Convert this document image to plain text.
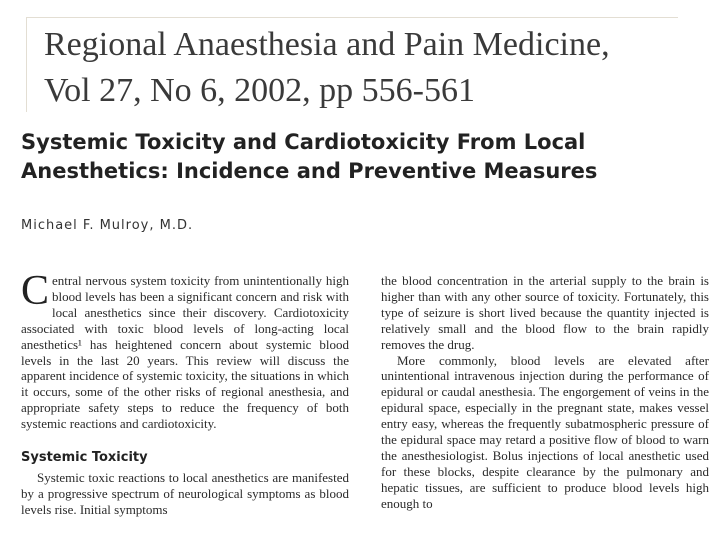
Regional Anaesthesia and Pain Medicine,
Vol 27, No 6, 2002, pp 556-561
Systemic Toxicity and Cardiotoxicity From Local
Anesthetics: Incidence and Preventive Measures
Michael F. Mulroy, M.D.

Central nervous system toxicity from unintentionally high blood levels has been a significant concern and risk with local anesthetics since their discovery. Cardiotoxicity associated with toxic blood levels of long-acting local anesthetics¹ has heightened concern about systemic blood levels in the last 20 years. This review will discuss the apparent incidence of systemic toxicity, the situations in which it occurs, some of the other risks of regional anesthesia, and appropriate safety steps to reduce the frequency of both systemic reactions and cardiotoxicity.

Systemic Toxicity

Systemic toxic reactions to local anesthetics are manifested by a progressive spectrum of neurological symptoms as blood levels rise. Initial symptoms

the blood concentration in the arterial supply to the brain is higher than with any other source of toxicity. Fortunately, this type of seizure is short lived because the quantity injected is relatively small and the blood flow to the brain rapidly removes the drug.

More commonly, blood levels are elevated after unintentional intravenous injection during the performance of epidural or caudal anesthesia. The engorgement of veins in the epidural space, especially in the pregnant state, makes vessel entry easy, whereas the frequently subatmospheric pressure of the epidural space may retard a positive flow of blood to warn the anesthesiologist. Bolus injections of local anesthetic used for these blocks, despite clearance by the pulmonary and hepatic tissues, are sufficient to produce blood levels high enough to
